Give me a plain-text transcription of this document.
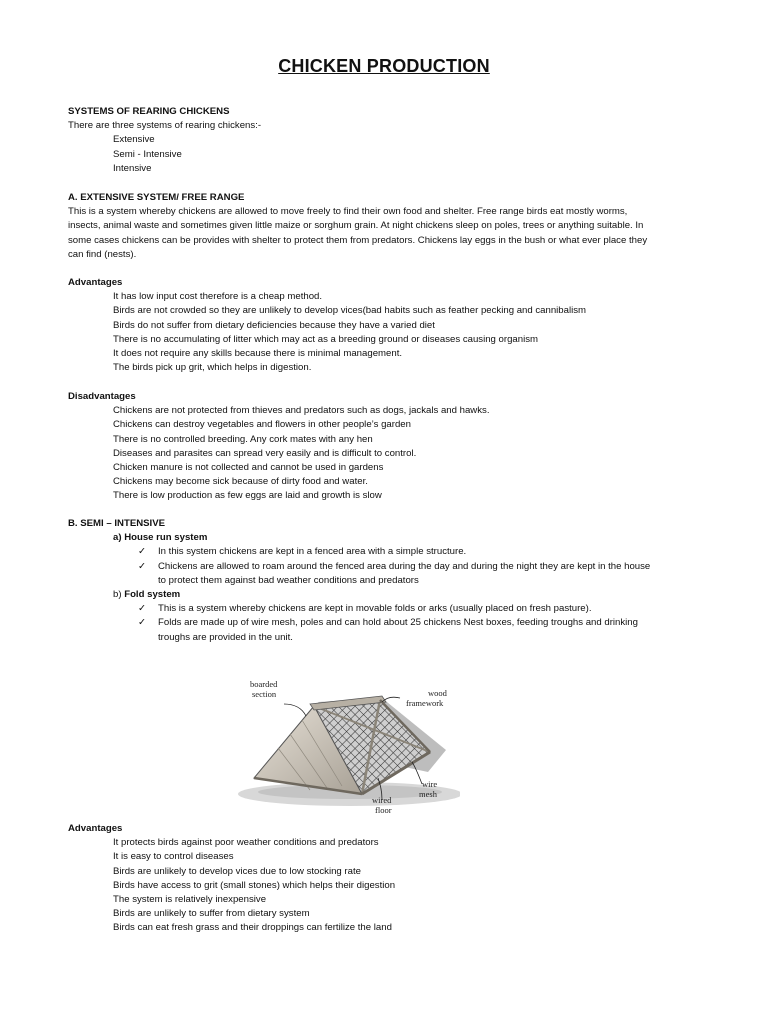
CHICKEN PRODUCTION

SYSTEMS OF REARING CHICKENS

There are three systems of rearing chickens:-

Extensive

Semi - Intensive

Intensive

A. EXTENSIVE SYSTEM/ FREE RANGE

This is a system whereby chickens are allowed to move freely to find their own food and shelter. Free range birds eat mostly worms,

insects, animal waste and sometimes given little maize or sorghum grain. At night chickens sleep on poles, trees or anything suitable. In

some cases chickens can be provides with shelter to protect them from predators. Chickens lay eggs in the bush or what ever place they

can find (nests).

Advantages

It has low input cost therefore is a cheap method.

Birds are not crowded so they are unlikely to develop vices(bad habits such as feather pecking and cannibalism

Birds do not suffer from dietary deficiencies because they have a varied diet

There is no accumulating of litter which may act as a breeding ground or diseases causing organism

It does not require any skills because there is minimal management.

The birds pick up grit, which helps in digestion.

Disadvantages

Chickens are not protected from thieves and predators such as dogs, jackals and hawks.

Chickens can destroy vegetables and flowers in other people’s garden

There is no controlled breeding. Any cork mates with any hen

Diseases and parasites can spread very easily and is difficult to control.

Chicken manure is not collected and cannot be used in gardens

Chickens may become sick because of dirty food and water.

There is low production as few eggs are laid and growth is slow

B. SEMI – INTENSIVE

a) House run system

✓ In this system chickens are kept in a fenced area with a simple structure.

✓ Chickens are allowed to roam around the fenced area during the day and during the night they are kept in the house

to protect them against bad weather conditions and predators

b) Fold system

✓ This is a system whereby chickens are kept in movable folds or arks (usually placed on fresh pasture).

✓ Folds are made up of wire mesh, poles and can hold about 25 chickens Nest boxes, feeding troughs and drinking

troughs are provided in the unit.

boarded
section	wood
framework
wire
mesh
wired
floor

Advantages

It protects birds against poor weather conditions and predators

It is easy to control diseases

Birds are unlikely to develop vices due to low stocking rate

Birds have access to grit (small stones) which helps their digestion

The system is relatively inexpensive

Birds are unlikely to suffer from dietary system

Birds can eat fresh grass and their droppings can fertilize the land
